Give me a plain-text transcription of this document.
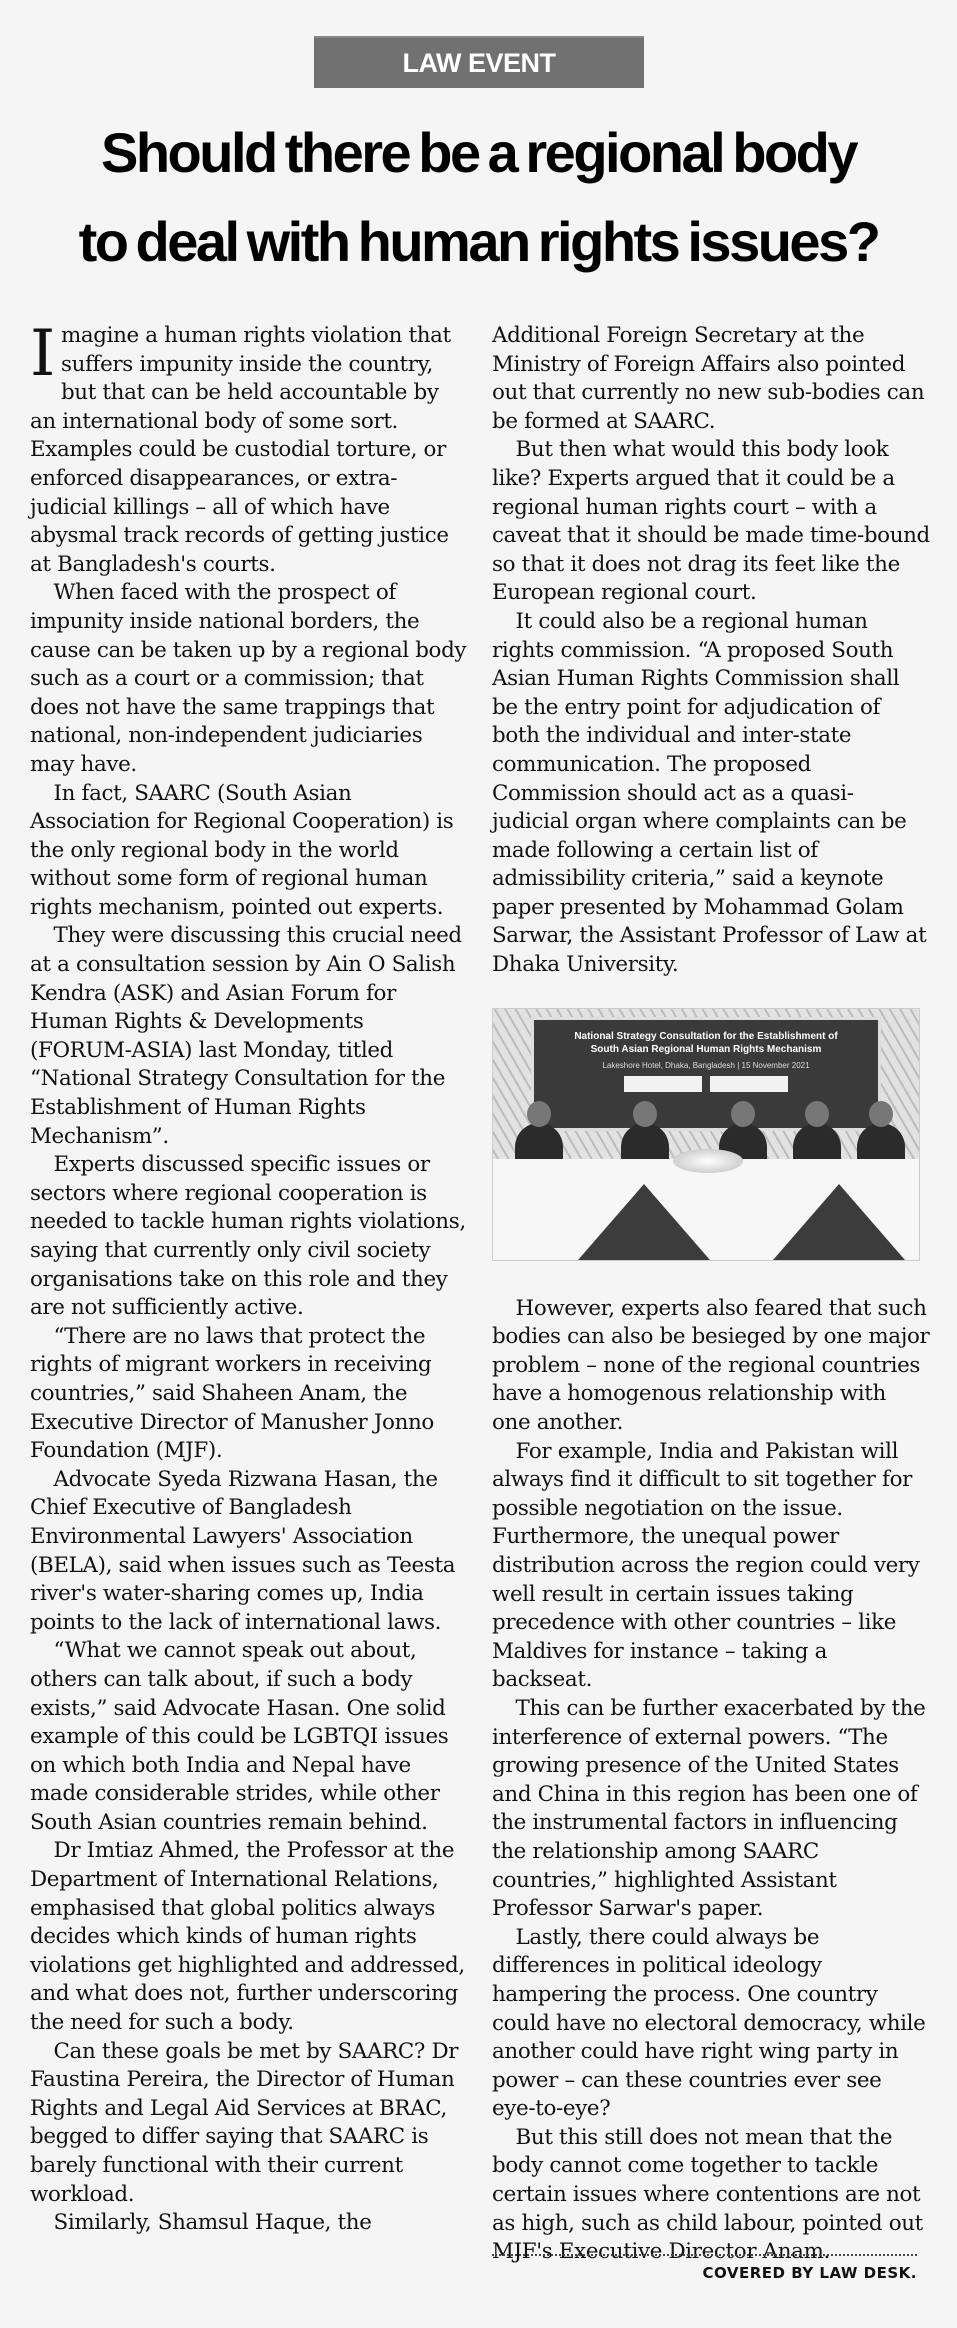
LAW EVENT
Should there be a regional body
to deal with human rights issues?

Imagine a human rights violation that suffers impunity inside the country, but that can be held accountable by an international body of some sort. Examples could be custodial torture, or enforced disappearances, or extra-judicial killings – all of which have abysmal track records of getting justice at Bangladesh's courts.

When faced with the prospect of impunity inside national borders, the cause can be taken up by a regional body such as a court or a commission; that does not have the same trappings that national, non-independent judiciaries may have.

In fact, SAARC (South Asian Association for Regional Cooperation) is the only regional body in the world without some form of regional human rights mechanism, pointed out experts.

They were discussing this crucial need at a consultation session by Ain O Salish Kendra (ASK) and Asian Forum for Human Rights & Developments (FORUM-ASIA) last Monday, titled “National Strategy Consultation for the Establishment of Human Rights Mechanism”.

Experts discussed specific issues or sectors where regional cooperation is needed to tackle human rights violations, saying that currently only civil society organisations take on this role and they are not sufficiently active.

“There are no laws that protect the rights of migrant workers in receiving countries,” said Shaheen Anam, the Executive Director of Manusher Jonno Foundation (MJF).

Advocate Syeda Rizwana Hasan, the Chief Executive of Bangladesh Environmental Lawyers' Association (BELA), said when issues such as Teesta river's water-sharing comes up, India points to the lack of international laws.

“What we cannot speak out about, others can talk about, if such a body exists,” said Advocate Hasan. One solid example of this could be LGBTQI issues on which both India and Nepal have made considerable strides, while other South Asian countries remain behind.

Dr Imtiaz Ahmed, the Professor at the Department of International Relations, emphasised that global politics always decides which kinds of human rights violations get highlighted and addressed, and what does not, further underscoring the need for such a body.

Can these goals be met by SAARC? Dr Faustina Pereira, the Director of Human Rights and Legal Aid Services at BRAC, begged to differ saying that SAARC is barely functional with their current workload.

Similarly, Shamsul Haque, the

Additional Foreign Secretary at the Ministry of Foreign Affairs also pointed out that currently no new sub-bodies can be formed at SAARC.

But then what would this body look like? Experts argued that it could be a regional human rights court – with a caveat that it should be made time-bound so that it does not drag its feet like the European regional court.

It could also be a regional human rights commission. “A proposed South Asian Human Rights Commission shall be the entry point for adjudication of both the individual and inter-state communication. The proposed Commission should act as a quasi-judicial organ where complaints can be made following a certain list of admissibility criteria,” said a keynote paper presented by Mohammad Golam Sarwar, the Assistant Professor of Law at Dhaka University.

National Strategy Consultation for the Establishment of
South Asian Regional Human Rights Mechanism
Lakeshore Hotel, Dhaka, Bangladesh | 15 November 2021

However, experts also feared that such bodies can also be besieged by one major problem – none of the regional countries have a homogenous relationship with one another.

For example, India and Pakistan will always find it difficult to sit together for possible negotiation on the issue. Furthermore, the unequal power distribution across the region could very well result in certain issues taking precedence with other countries – like Maldives for instance – taking a backseat.

This can be further exacerbated by the interference of external powers. “The growing presence of the United States and China in this region has been one of the instrumental factors in influencing the relationship among SAARC countries,” highlighted Assistant Professor Sarwar's paper.

Lastly, there could always be differences in political ideology hampering the process. One country could have no electoral democracy, while another could have right wing party in power – can these countries ever see eye-to-eye?

But this still does not mean that the body cannot come together to tackle certain issues where contentions are not as high, such as child labour, pointed out MJF's Executive Director Anam.

COVERED BY LAW DESK.
